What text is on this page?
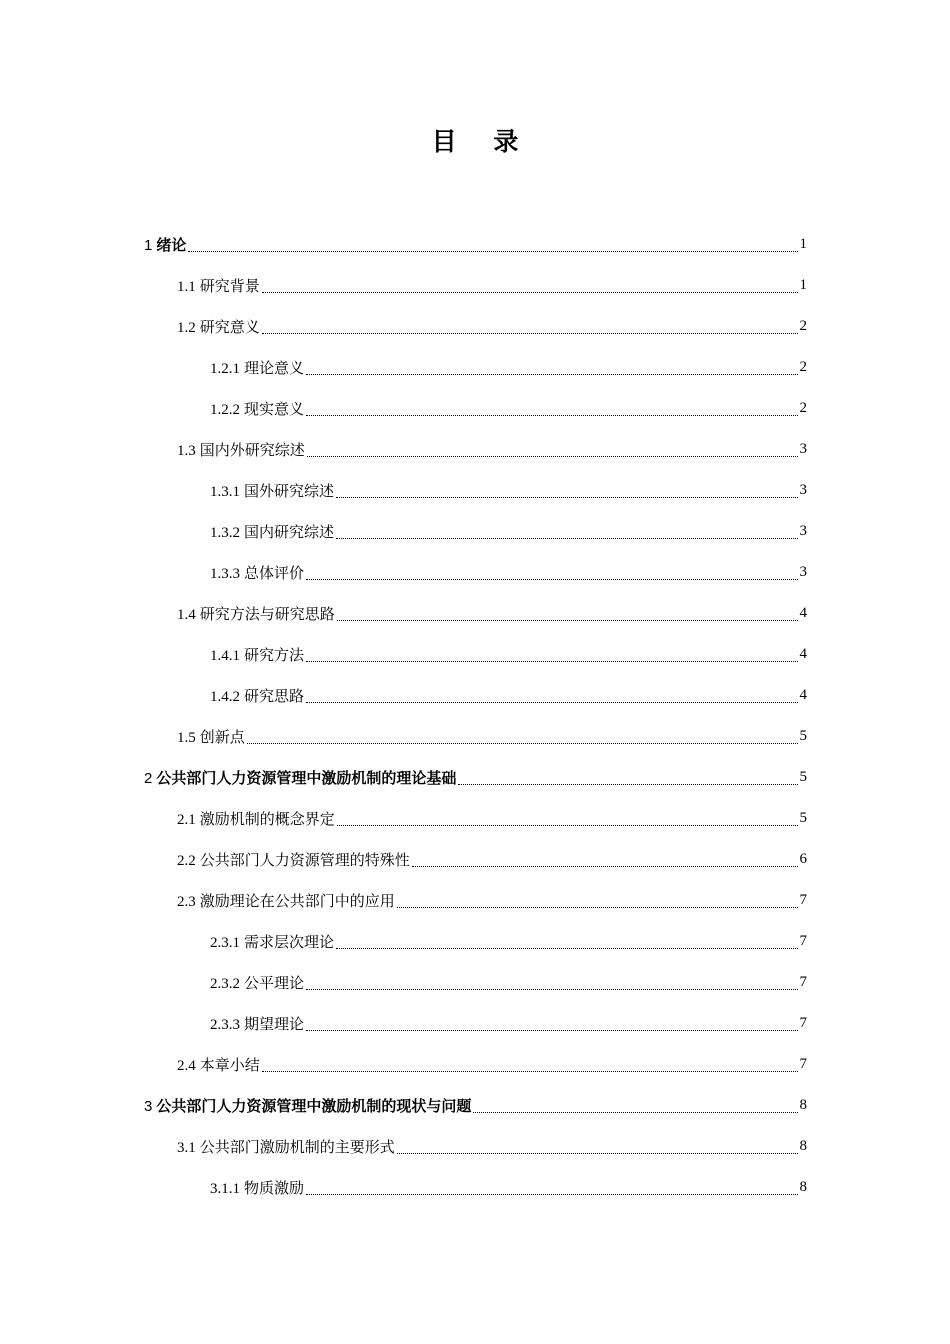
目 录
1 绪论	1
1.1 研究背景	1
1.2 研究意义	2
1.2.1 理论意义	2
1.2.2 现实意义	2
1.3 国内外研究综述	3
1.3.1 国外研究综述	3
1.3.2 国内研究综述	3
1.3.3 总体评价	3
1.4 研究方法与研究思路	4
1.4.1 研究方法	4
1.4.2 研究思路	4
1.5 创新点	5
2 公共部门人力资源管理中激励机制的理论基础	5
2.1 激励机制的概念界定	5
2.2 公共部门人力资源管理的特殊性	6
2.3 激励理论在公共部门中的应用	7
2.3.1 需求层次理论	7
2.3.2 公平理论	7
2.3.3 期望理论	7
2.4 本章小结	7
3 公共部门人力资源管理中激励机制的现状与问题	8
3.1 公共部门激励机制的主要形式	8
3.1.1 物质激励	8
